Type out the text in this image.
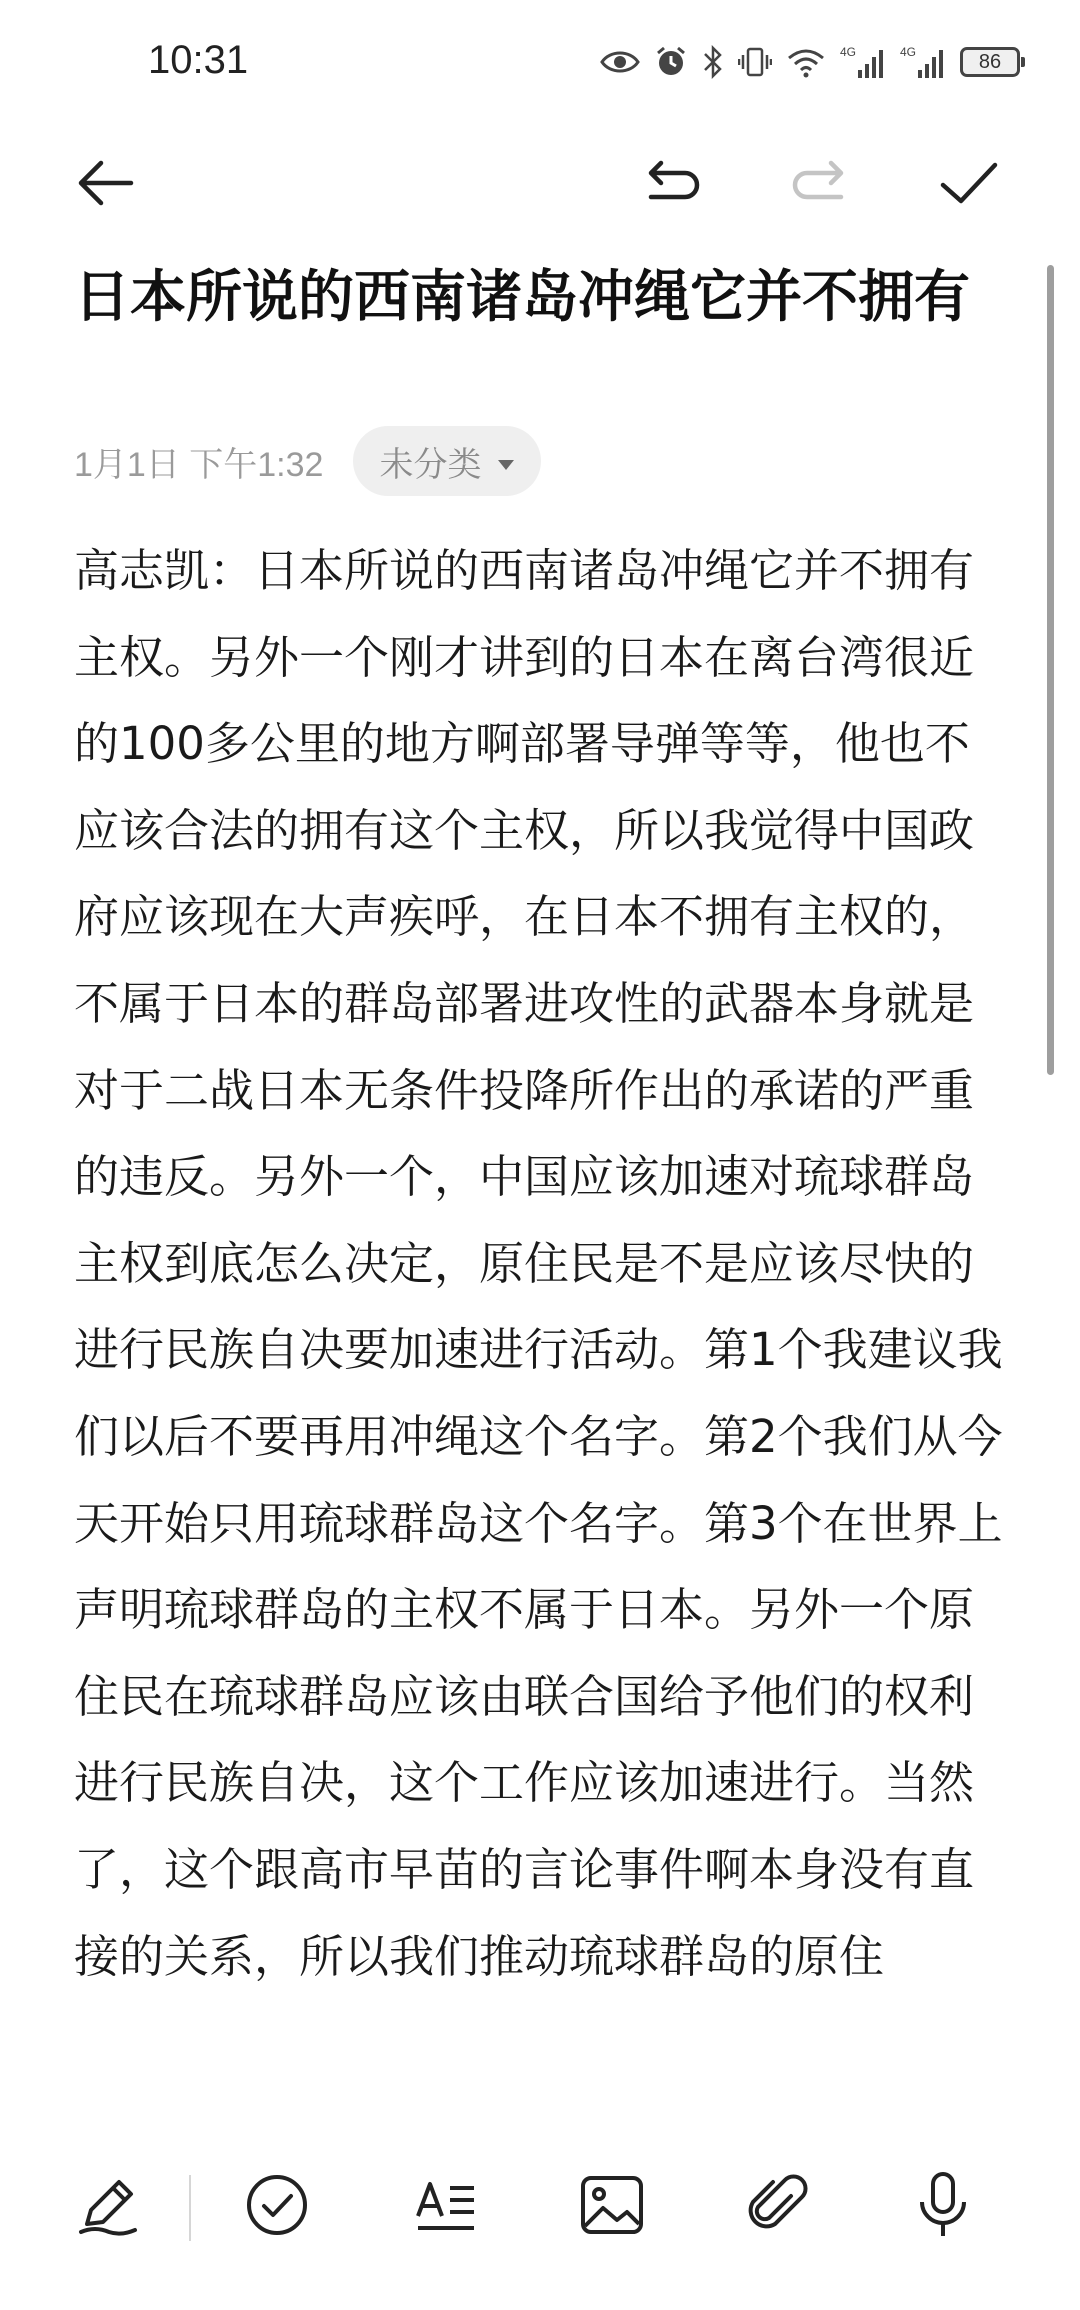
10:31	4G	4G	86
日本所说的西南诸岛冲绳它并不拥有
1月1日 下午1:32 未分类
高志凯：日本所说的西南诸岛冲绳它并不拥有主权。另外一个刚才讲到的日本在离台湾很近的100多公里的地方啊部署导弹等等，他也不应该合法的拥有这个主权，所以我觉得中国政府应该现在大声疾呼，在日本不拥有主权的，不属于日本的群岛部署进攻性的武器本身就是对于二战日本无条件投降所作出的承诺的严重的违反。另外一个，中国应该加速对琉球群岛主权到底怎么决定，原住民是不是应该尽快的进行民族自决要加速进行活动。第1个我建议我们以后不要再用冲绳这个名字。第2个我们从今天开始只用琉球群岛这个名字。第3个在世界上声明琉球群岛的主权不属于日本。另外一个原住民在琉球群岛应该由联合国给予他们的权利进行民族自决，这个工作应该加速进行。当然了，这个跟高市早苗的言论事件啊本身没有直接的关系，所以我们推动琉球群岛的原住
